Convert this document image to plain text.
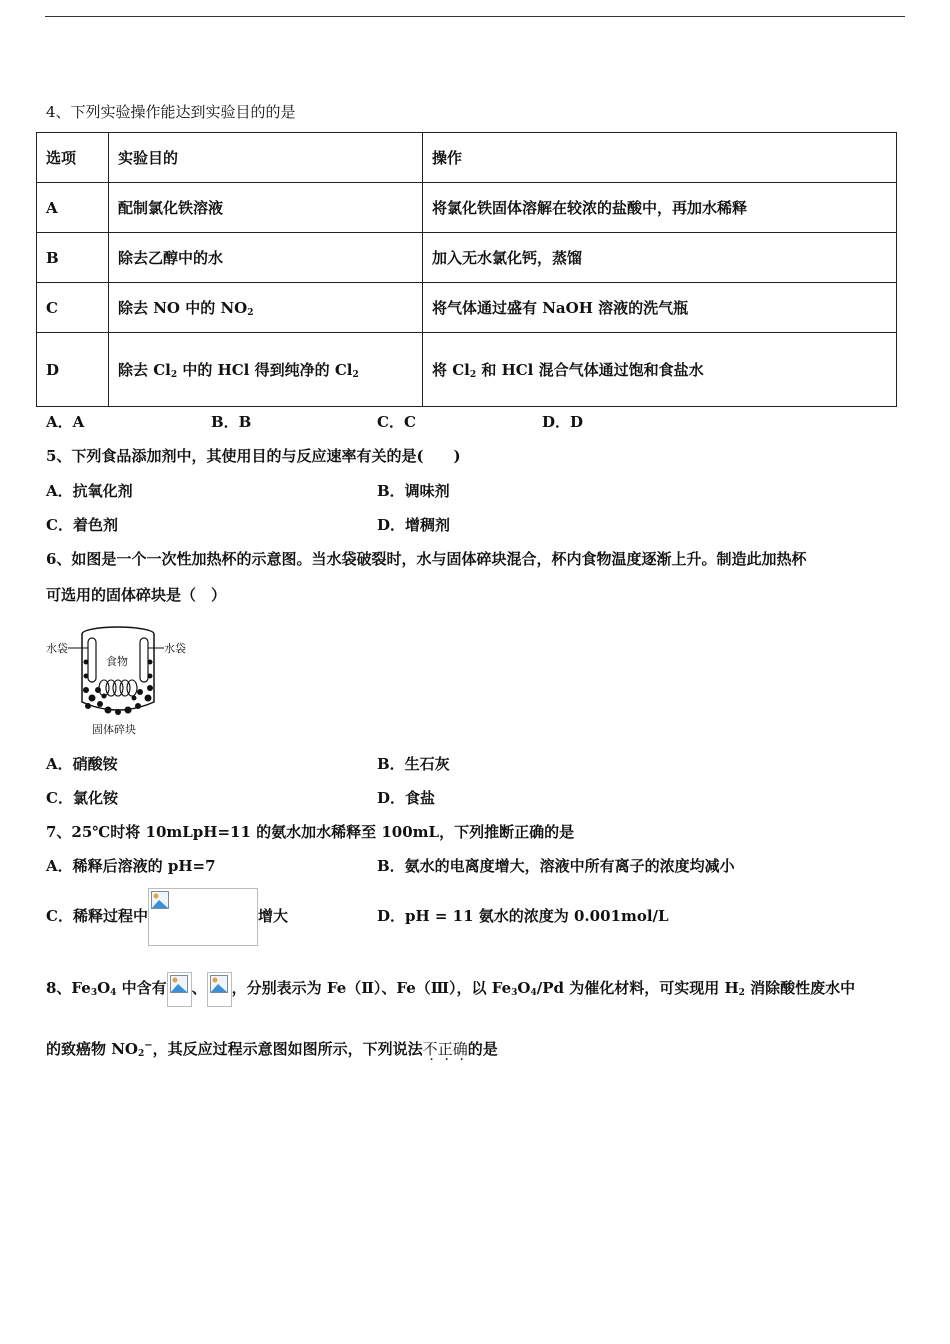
4、下列实验操作能达到实验目的的是
选项	实验目的	操作
A	配制氯化铁溶液	将氯化铁固体溶解在较浓的盐酸中，再加水稀释
B	除去乙醇中的水	加入无水氯化钙，蒸馏
C	除去 NO 中的 $NO_2$	将气体通过盛有 NaOH 溶液的洗气瓶
D	除去 $Cl_2$ 中的 HCl 得到纯净的 $Cl_2$	将 $Cl_2$ 和 HCl 混合气体通过饱和食盐水
A．A	B．B	C．C	D．D
5、下列食品添加剂中，其使用目的与反应速率有关的是(　　)
A．抗氧化剂	B．调味剂
C．着色剂	D．增稠剂
6、如图是一个一次性加热杯的示意图。当水袋破裂时，水与固体碎块混合，杯内食物温度逐渐上升。制造此加热杯
可选用的固体碎块是（　）
水袋	水袋
食物
固体碎块
A．硝酸铵	B．生石灰
C．氯化铵	D．食盐
7、25℃时将 10mLpH=11 的氨水加水稀释至 100mL，下列推断正确的是
A．稀释后溶液的 pH=7	B．氨水的电离度增大，溶液中所有离子的浓度均减小
C．稀释过程中	增大	D．pH = 11 氨水的浓度为 0.001mol/L
8、$Fe_3O_4$ 中含有 、 ，分别表示为 Fe（Ⅱ）、Fe（Ⅲ），以 $Fe_3O_4/Pd$ 为催化材料，可实现用 $H_2$ 消除酸性废水中
的致癌物 $NO_2^-$，其反应过程示意图如图所示，下列说法不正确的是
